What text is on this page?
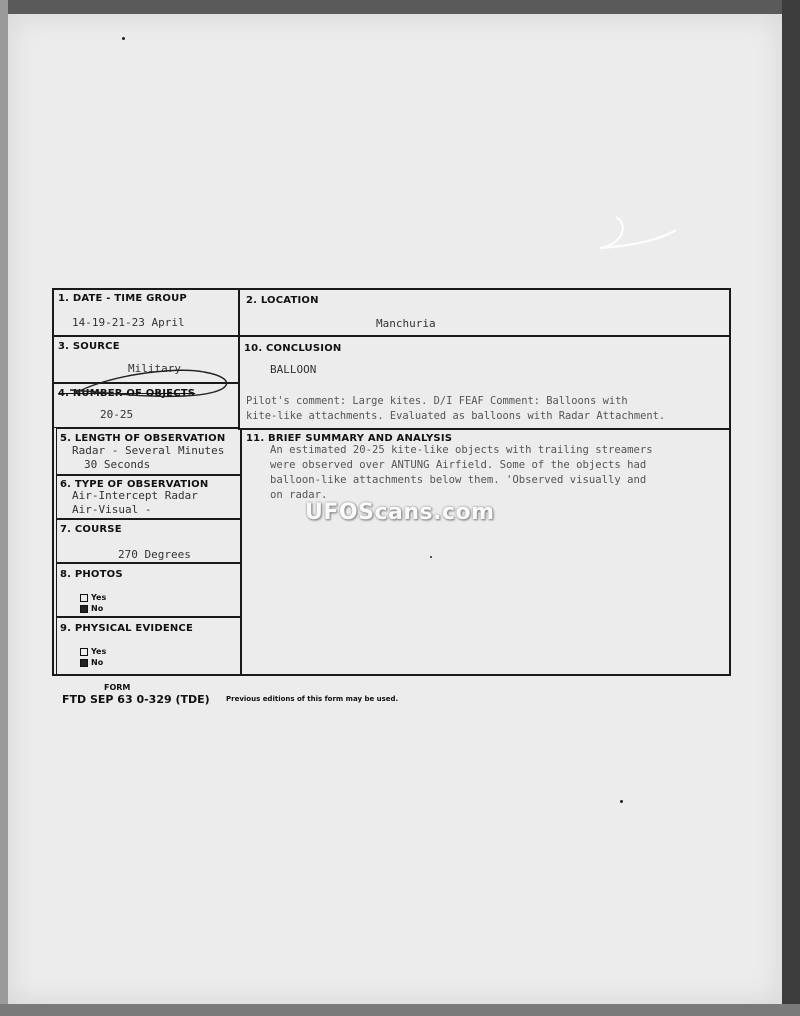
1. DATE - TIME GROUP
14-19-21-23 April
2. LOCATION
Manchuria
3. SOURCE
Military
4. NUMBER OF OBJECTS
20-25
5. LENGTH OF OBSERVATION
Radar - Several Minutes
30 Seconds
6. TYPE OF OBSERVATION
Air-Intercept Radar
Air-Visual -
7. COURSE
270 Degrees
8. PHOTOS
Yes
No
9. PHYSICAL EVIDENCE
Yes
No
10. CONCLUSION
BALLOON
Pilot's comment: Large kites. D/I FEAF Comment: Balloons with
kite-like attachments. Evaluated as balloons with Radar Attachment.
11. BRIEF SUMMARY AND ANALYSIS
An estimated 20-25 kite-like objects with trailing streamers
were observed over ANTUNG Airfield. Some of the objects had
balloon-like attachments below them. 'Observed visually and
on radar.
FORM
FTD SEP 63 0-329 (TDE) Previous editions of this form may be used.
UFOScans.com
